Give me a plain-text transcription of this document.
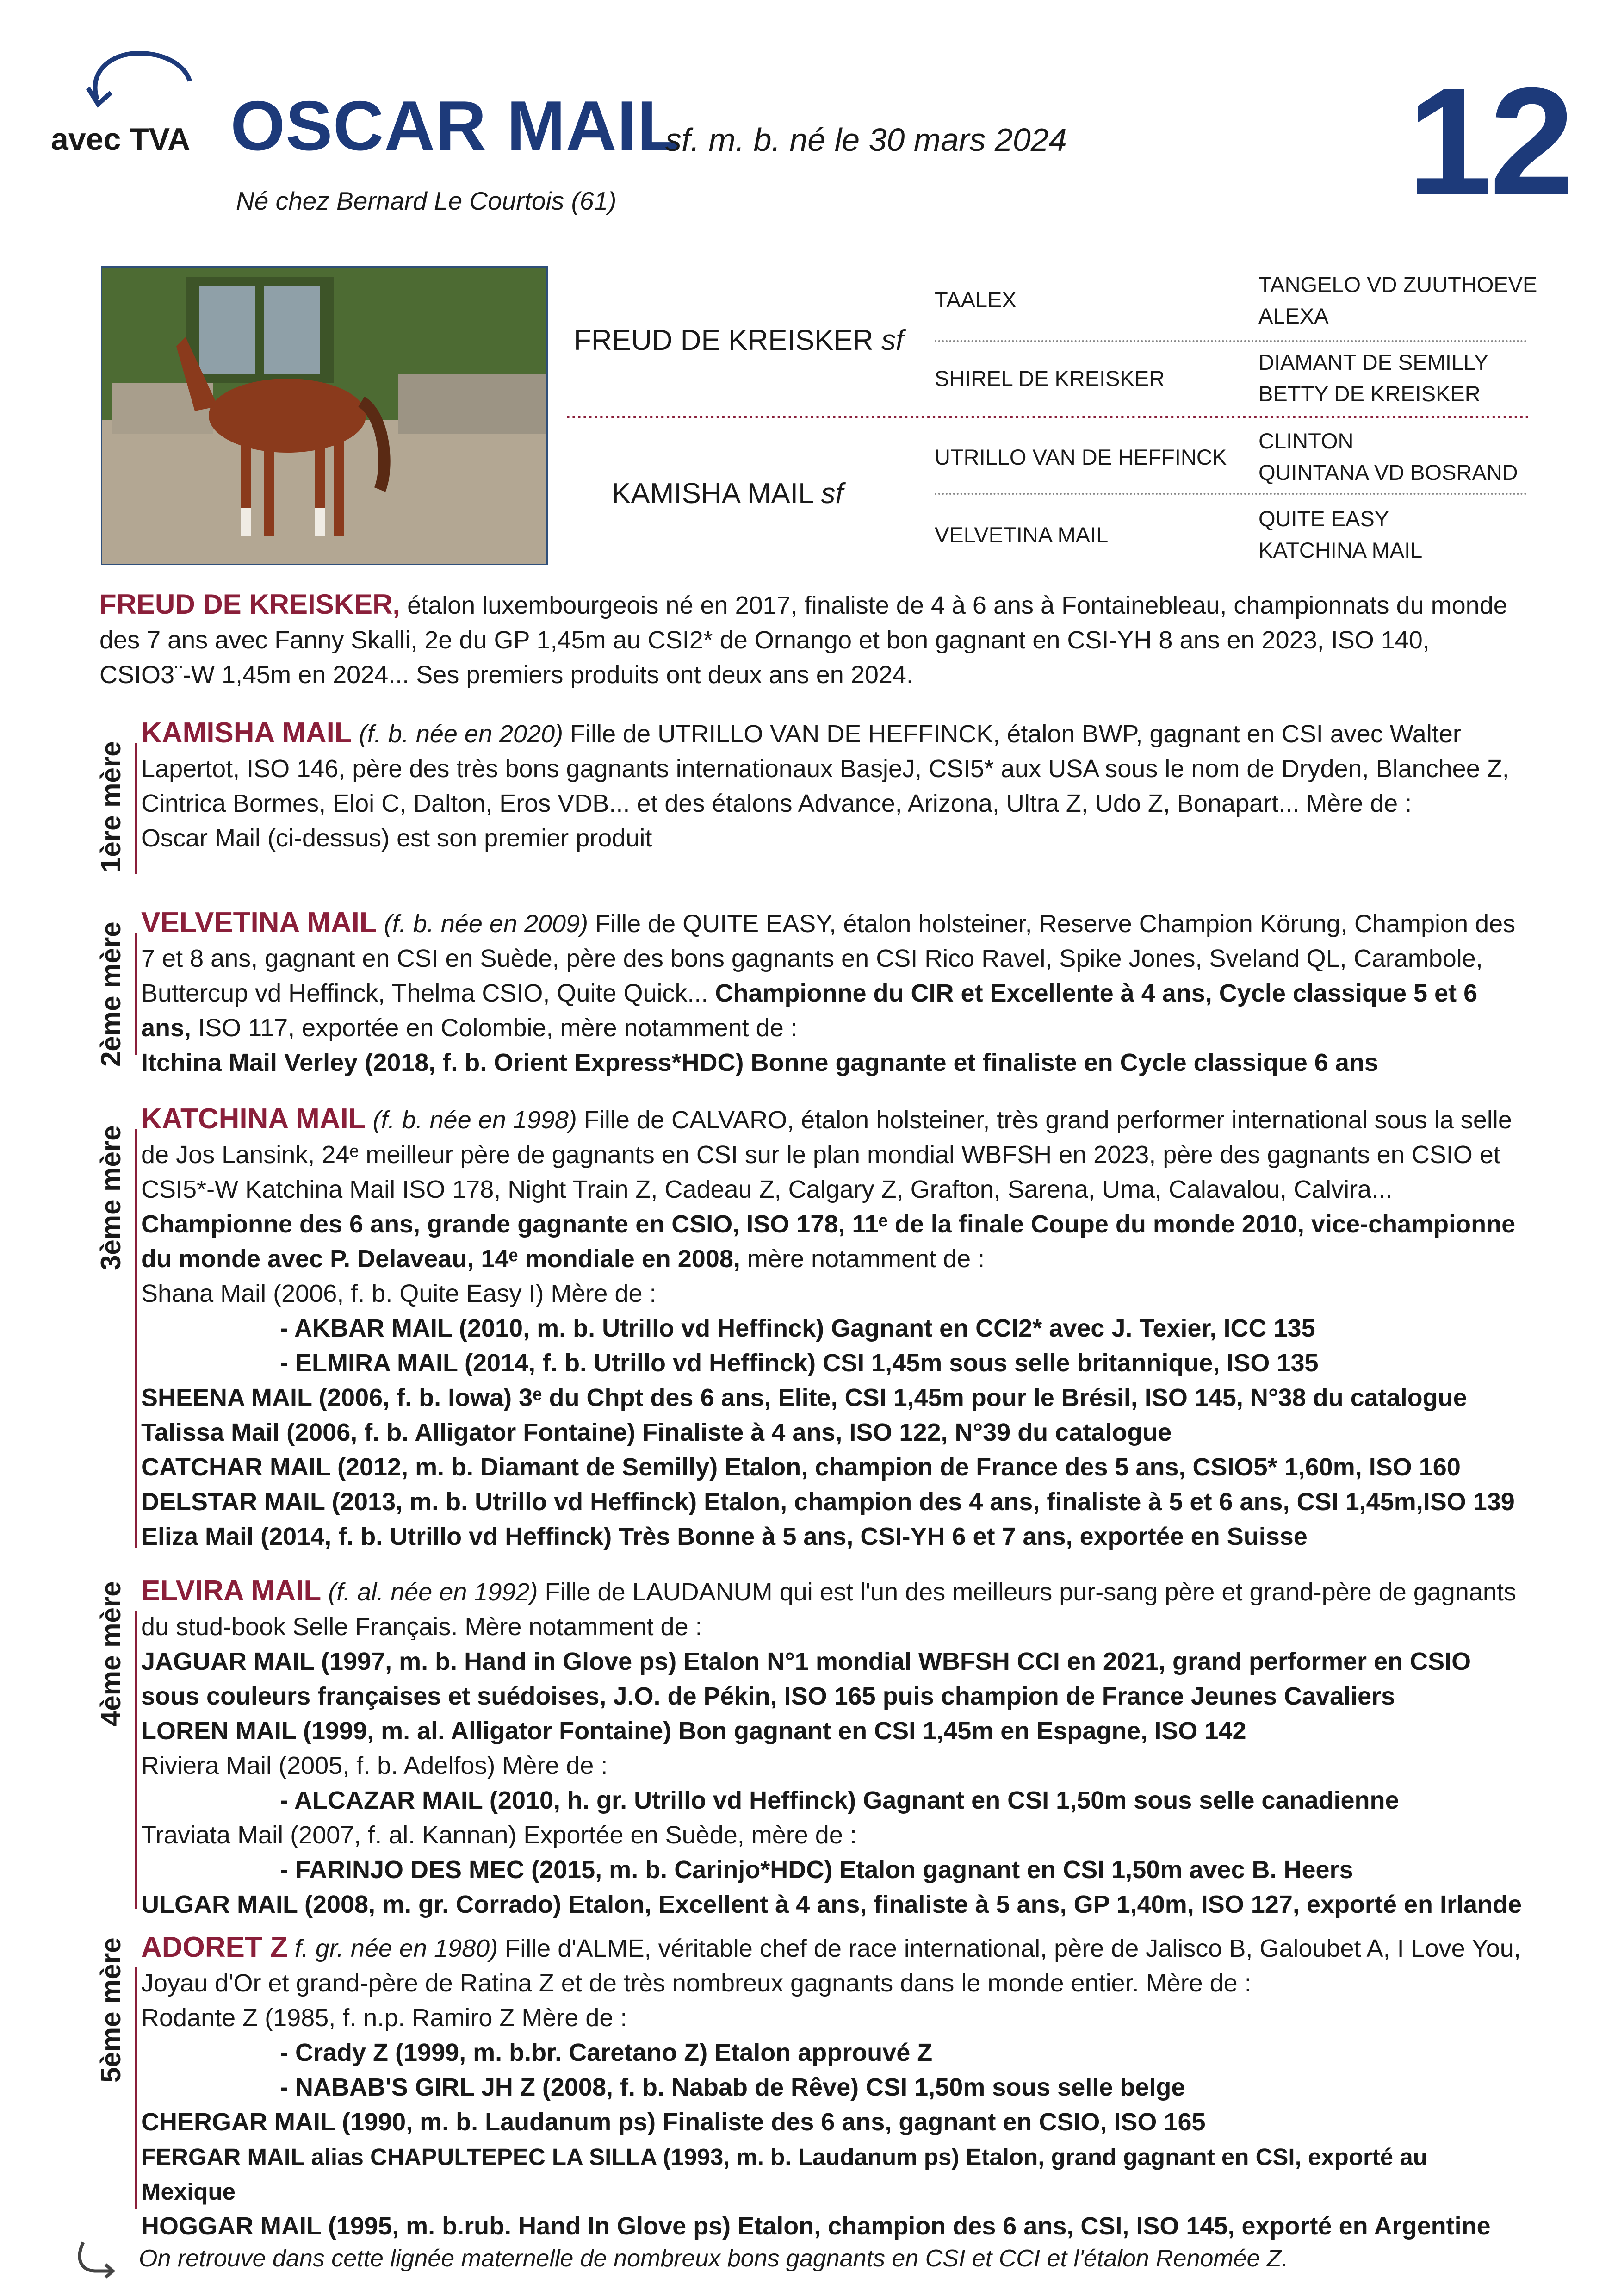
avec TVA OSCAR MAIL
sf. m. b. né le 30 mars 2024
Né chez Bernard Le Courtois (61)	12
FREUD DE KREISKER sf
KAMISHA MAIL sf
TAALEX
SHIREL DE KREISKER
UTRILLO VAN DE HEFFINCK
VELVETINA MAIL
TANGELO VD ZUUTHOEVE
ALEXA
DIAMANT DE SEMILLY
BETTY DE KREISKER
CLINTON
QUINTANA VD BOSRAND
QUITE EASY
KATCHINA MAIL
FREUD DE KREISKER, étalon luxembourgeois né en 2017, finaliste de 4 à 6 ans à Fontainebleau, championnats du monde des 7 ans avec Fanny Skalli, 2e du GP 1,45m au CSI2* de Ornango et bon gagnant en CSI-YH 8 ans en 2023, ISO 140, CSIO3¨-W 1,45m en 2024... Ses premiers produits ont deux ans en 2024.
1ère mère
KAMISHA MAIL (f. b. née en 2020) Fille de UTRILLO VAN DE HEFFINCK, étalon BWP, gagnant en CSI avec Walter Lapertot, ISO 146, père des très bons gagnants internationaux BasjeJ, CSI5* aux USA sous le nom de Dryden, Blanchee Z, Cintrica Bormes, Eloi C, Dalton, Eros VDB... et des étalons Advance, Arizona, Ultra Z, Udo Z, Bonapart... Mère de :
Oscar Mail (ci-dessus) est son premier produit
2ème mère VELVETINA MAIL (f. b. née en 2009) Fille de QUITE EASY, étalon holsteiner, Reserve Champion Körung, Champion des 7 et 8 ans, gagnant en CSI en Suède, père des bons gagnants en CSI Rico Ravel, Spike Jones, Sveland QL, Carambole, Buttercup vd Heffinck, Thelma CSIO, Quite Quick... Championne du CIR et Excellente à 4 ans, Cycle classique 5 et 6 ans, ISO 117, exportée en Colombie, mère notamment de :
Itchina Mail Verley (2018, f. b. Orient Express*HDC) Bonne gagnante et finaliste en Cycle classique 6 ans
3ème mère
KATCHINA MAIL (f. b. née en 1998) Fille de CALVARO, étalon holsteiner, très grand performer international sous la selle de Jos Lansink, 24ᵉ meilleur père de gagnants en CSI sur le plan mondial WBFSH en 2023, père des gagnants en CSIO et CSI5*-W Katchina Mail ISO 178, Night Train Z, Cadeau Z, Calgary Z, Grafton, Sarena, Uma, Calavalou, Calvira... Championne des 6 ans, grande gagnante en CSIO, ISO 178, 11ᵉ de la finale Coupe du monde 2010, vice-championne du monde avec P. Delaveau, 14ᵉ mondiale en 2008, mère notamment de :
Shana Mail (2006, f. b. Quite Easy I) Mère de :
- AKBAR MAIL (2010, m. b. Utrillo vd Heffinck) Gagnant en CCI2* avec J. Texier, ICC 135
- ELMIRA MAIL (2014, f. b. Utrillo vd Heffinck) CSI 1,45m sous selle britannique, ISO 135
SHEENA MAIL (2006, f. b. Iowa) 3ᵉ du Chpt des 6 ans, Elite, CSI 1,45m pour le Brésil, ISO 145, N°38 du catalogue
Talissa Mail (2006, f. b. Alligator Fontaine) Finaliste à 4 ans, ISO 122, N°39 du catalogue
CATCHAR MAIL (2012, m. b. Diamant de Semilly) Etalon, champion de France des 5 ans, CSIO5* 1,60m, ISO 160
DELSTAR MAIL (2013, m. b. Utrillo vd Heffinck) Etalon, champion des 4 ans, finaliste à 5 et 6 ans, CSI 1,45m,ISO 139
Eliza Mail (2014, f. b. Utrillo vd Heffinck) Très Bonne à 5 ans, CSI-YH 6 et 7 ans, exportée en Suisse
4ème mère ELVIRA MAIL (f. al. née en 1992) Fille de LAUDANUM qui est l'un des meilleurs pur-sang père et grand-père de gagnants du stud-book Selle Français. Mère notamment de :
JAGUAR MAIL (1997, m. b. Hand in Glove ps) Etalon N°1 mondial WBFSH CCI en 2021, grand performer en CSIO sous couleurs françaises et suédoises, J.O. de Pékin, ISO 165 puis champion de France Jeunes Cavaliers
LOREN MAIL (1999, m. al. Alligator Fontaine) Bon gagnant en CSI 1,45m en Espagne, ISO 142
Riviera Mail (2005, f. b. Adelfos) Mère de :
- ALCAZAR MAIL (2010, h. gr. Utrillo vd Heffinck) Gagnant en CSI 1,50m sous selle canadienne
Traviata Mail (2007, f. al. Kannan) Exportée en Suède, mère de :
- FARINJO DES MEC (2015, m. b. Carinjo*HDC) Etalon gagnant en CSI 1,50m avec B. Heers
ULGAR MAIL (2008, m. gr. Corrado) Etalon, Excellent à 4 ans, finaliste à 5 ans, GP 1,40m, ISO 127, exporté en Irlande
5ème mère ADORET Z f. gr. née en 1980) Fille d'ALME, véritable chef de race international, père de Jalisco B, Galoubet A, I Love You, Joyau d'Or et grand-père de Ratina Z et de très nombreux gagnants dans le monde entier. Mère de :
Rodante Z (1985, f. n.p. Ramiro Z Mère de :
- Crady Z (1999, m. b.br. Caretano Z) Etalon approuvé Z
- NABAB'S GIRL JH Z (2008, f. b. Nabab de Rêve) CSI 1,50m sous selle belge
CHERGAR MAIL (1990, m. b. Laudanum ps) Finaliste des 6 ans, gagnant en CSIO, ISO 165
FERGAR MAIL alias CHAPULTEPEC LA SILLA (1993, m. b. Laudanum ps) Etalon, grand gagnant en CSI, exporté au Mexique
HOGGAR MAIL (1995, m. b.rub. Hand In Glove ps) Etalon, champion des 6 ans, CSI, ISO 145, exporté en Argentine
On retrouve dans cette lignée maternelle de nombreux bons gagnants en CSI et CCI et l'étalon Renomée Z.
